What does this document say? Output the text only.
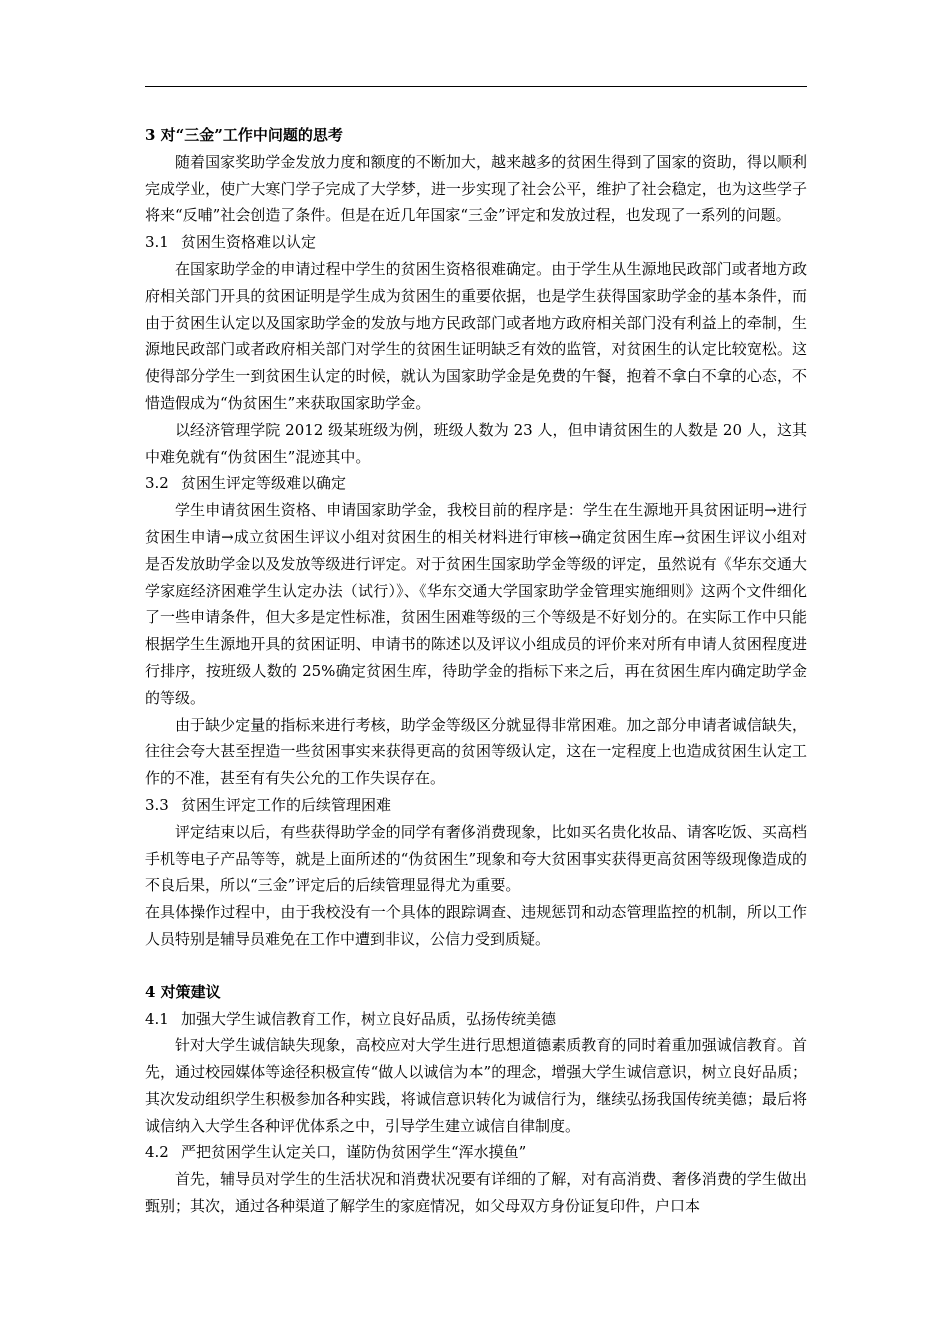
3 对“三金”工作中问题的思考

随着国家奖助学金发放力度和额度的不断加大，越来越多的贫困生得到了国家的资助，得以顺利完成学业，使广大寒门学子完成了大学梦，进一步实现了社会公平，维护了社会稳定，也为这些学子将来“反哺”社会创造了条件。但是在近几年国家“三金”评定和发放过程，也发现了一系列的问题。

3.1 贫困生资格难以认定

在国家助学金的申请过程中学生的贫困生资格很难确定。由于学生从生源地民政部门或者地方政府相关部门开具的贫困证明是学生成为贫困生的重要依据，也是学生获得国家助学金的基本条件，而由于贫困生认定以及国家助学金的发放与地方民政部门或者地方政府相关部门没有利益上的牵制，生源地民政部门或者政府相关部门对学生的贫困生证明缺乏有效的监管，对贫困生的认定比较宽松。这使得部分学生一到贫困生认定的时候，就认为国家助学金是免费的午餐，抱着不拿白不拿的心态，不惜造假成为“伪贫困生”来获取国家助学金。

以经济管理学院 2012 级某班级为例，班级人数为 23 人，但申请贫困生的人数是 20 人，这其中难免就有“伪贫困生”混迹其中。

3.2 贫困生评定等级难以确定

学生申请贫困生资格、申请国家助学金，我校目前的程序是：学生在生源地开具贫困证明→进行贫困生申请→成立贫困生评议小组对贫困生的相关材料进行审核→确定贫困生库→贫困生评议小组对是否发放助学金以及发放等级进行评定。对于贫困生国家助学金等级的评定，虽然说有《华东交通大学家庭经济困难学生认定办法（试行）》、《华东交通大学国家助学金管理实施细则》这两个文件细化了一些申请条件，但大多是定性标准，贫困生困难等级的三个等级是不好划分的。在实际工作中只能根据学生生源地开具的贫困证明、申请书的陈述以及评议小组成员的评价来对所有申请人贫困程度进行排序，按班级人数的 25%确定贫困生库，待助学金的指标下来之后，再在贫困生库内确定助学金的等级。

由于缺少定量的指标来进行考核，助学金等级区分就显得非常困难。加之部分申请者诚信缺失，往往会夸大甚至捏造一些贫困事实来获得更高的贫困等级认定，这在一定程度上也造成贫困生认定工作的不准，甚至有有失公允的工作失误存在。

3.3 贫困生评定工作的后续管理困难

评定结束以后，有些获得助学金的同学有奢侈消费现象，比如买名贵化妆品、请客吃饭、买高档手机等电子产品等等，就是上面所述的“伪贫困生”现象和夸大贫困事实获得更高贫困等级现像造成的不良后果，所以“三金”评定后的后续管理显得尤为重要。

在具体操作过程中，由于我校没有一个具体的跟踪调查、违规惩罚和动态管理监控的机制，所以工作人员特别是辅导员难免在工作中遭到非议，公信力受到质疑。

4 对策建议
4.1 加强大学生诚信教育工作，树立良好品质，弘扬传统美德

针对大学生诚信缺失现象，高校应对大学生进行思想道德素质教育的同时着重加强诚信教育。首先，通过校园媒体等途径积极宣传“做人以诚信为本”的理念，增强大学生诚信意识，树立良好品质；其次发动组织学生积极参加各种实践，将诚信意识转化为诚信行为，继续弘扬我国传统美德；最后将诚信纳入大学生各种评优体系之中，引导学生建立诚信自律制度。

4.2 严把贫困学生认定关口，谨防伪贫困学生“浑水摸鱼”

首先，辅导员对学生的生活状况和消费状况要有详细的了解，对有高消费、奢侈消费的学生做出甄别；其次，通过各种渠道了解学生的家庭情况，如父母双方身份证复印件，户口本
